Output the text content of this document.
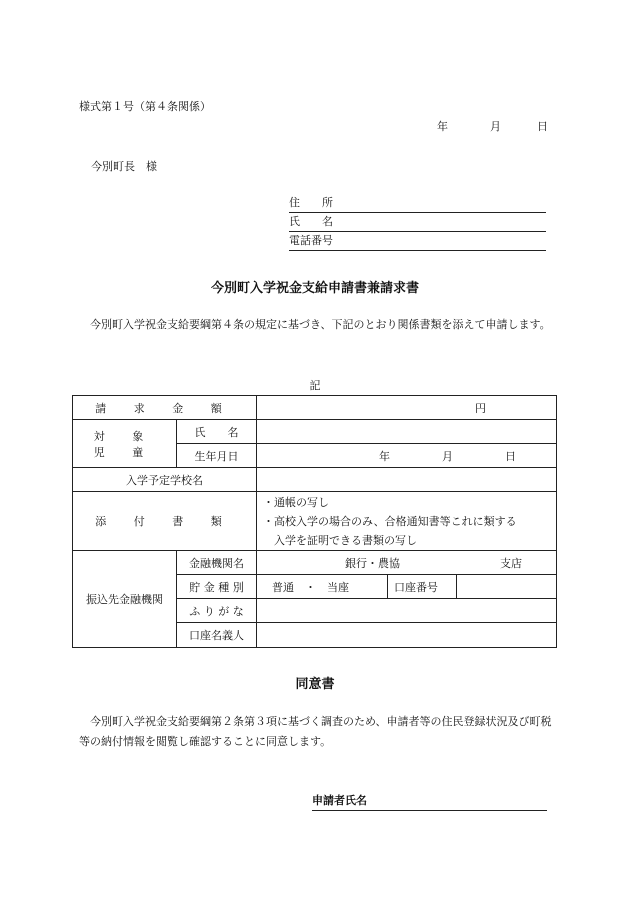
様式第１号（第４条関係）
年	月	日
今別町長　様
住　　所
氏　　名
電話番号
今別町入学祝金支給申請書兼請求書
今別町入学祝金支給要綱第４条の規定に基づき、下記のとおり関係書類を添えて申請します。
記
請 求 金 額		円		
対 象 児 童	氏　　名			
	生年月日	年 月 日		
入学予定学校名				
添 付 書 類		・通帳の写し
・高校入学の場合のみ、合格通知書等これに類する
入学を証明できる書類の写し		

振込先金融機関	金融機関名	銀行・農協 支店		
	貯 金 種 別	普通　・　当座	口座番号	
	ふ り が な			
	口座名義人			
同意書
今別町入学祝金支給要綱第２条第３項に基づく調査のため、申請者等の住民登録状況及び町税等の納付情報を閲覧し確認することに同意します。
申請者氏名
